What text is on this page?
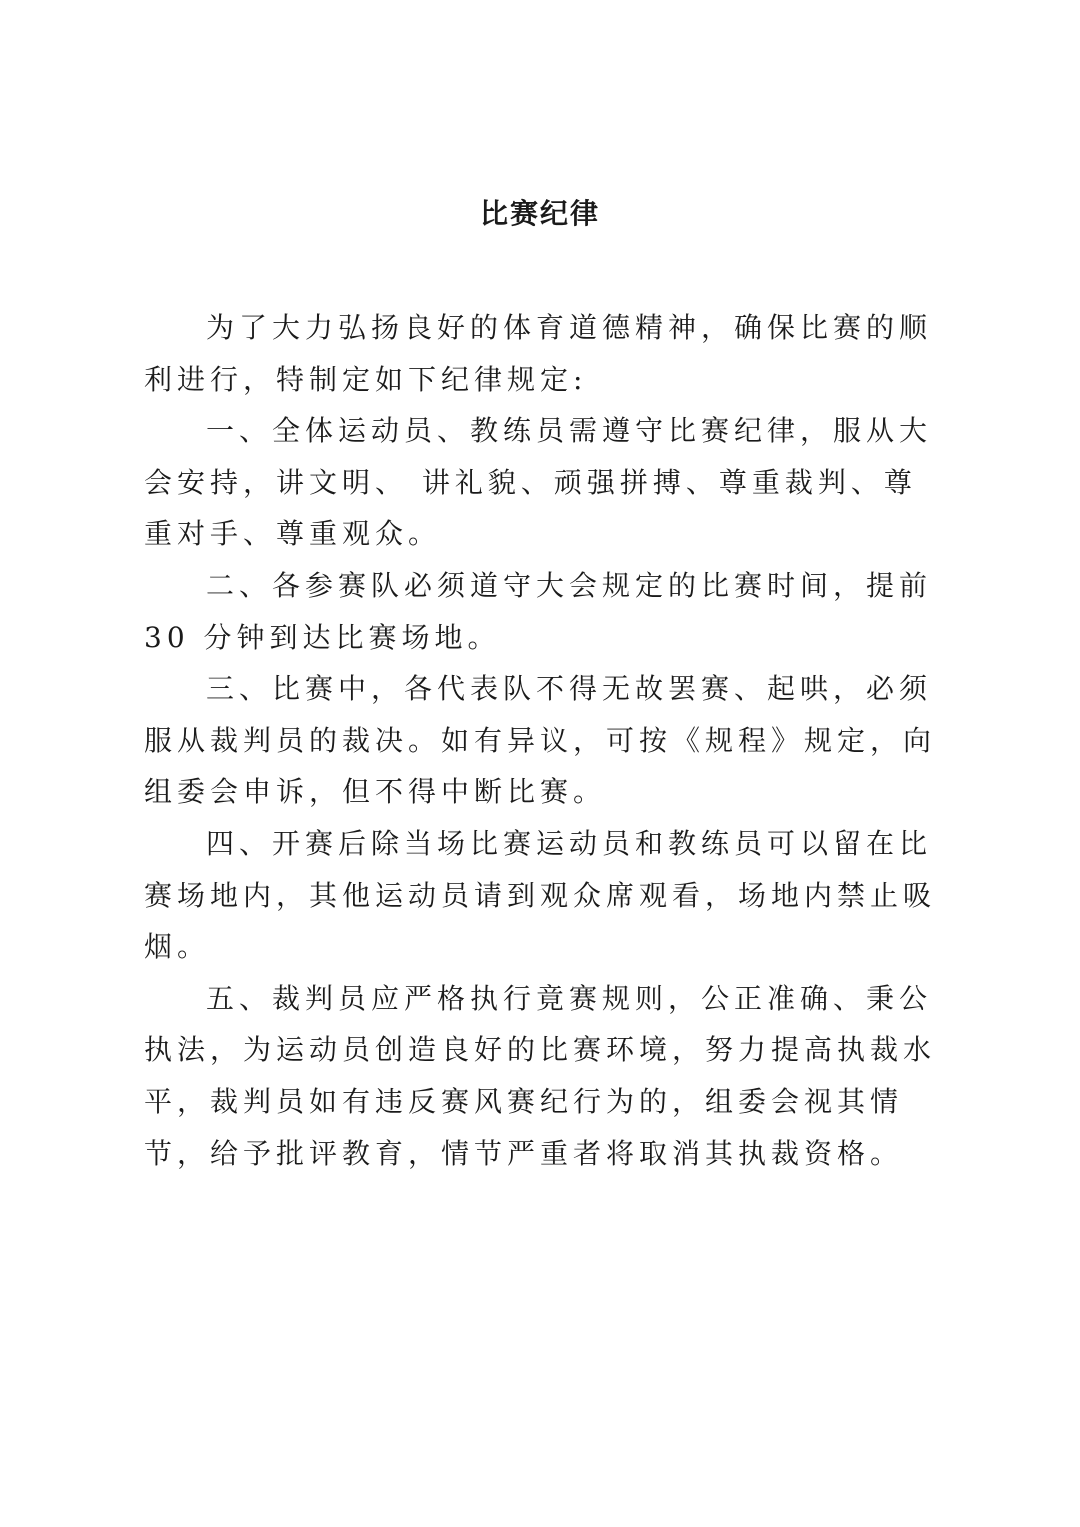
比赛纪律

为了大力弘扬良好的体育道德精神，确保比赛的顺利进行，特制定如下纪律规定:

一、全体运动员、教练员需遵守比赛纪律，服从大会安持，讲文明、 讲礼貌、顽强拼搏、尊重裁判、尊重对手、尊重观众。

二、各参赛队必须道守大会规定的比赛时间，提前 30 分钟到达比赛场地。

三、比赛中，各代表队不得无故罢赛、起哄，必须服从裁判员的裁决。如有异议，可按《规程》规定，向组委会申诉，但不得中断比赛。

四、开赛后除当场比赛运动员和教练员可以留在比赛场地内，其他运动员请到观众席观看，场地内禁止吸烟。

五、裁判员应严格执行竟赛规则，公正准确、秉公执法，为运动员创造良好的比赛环境，努力提高执裁水平，裁判员如有违反赛风赛纪行为的，组委会视其情节，给予批评教育，情节严重者将取消其执裁资格。
